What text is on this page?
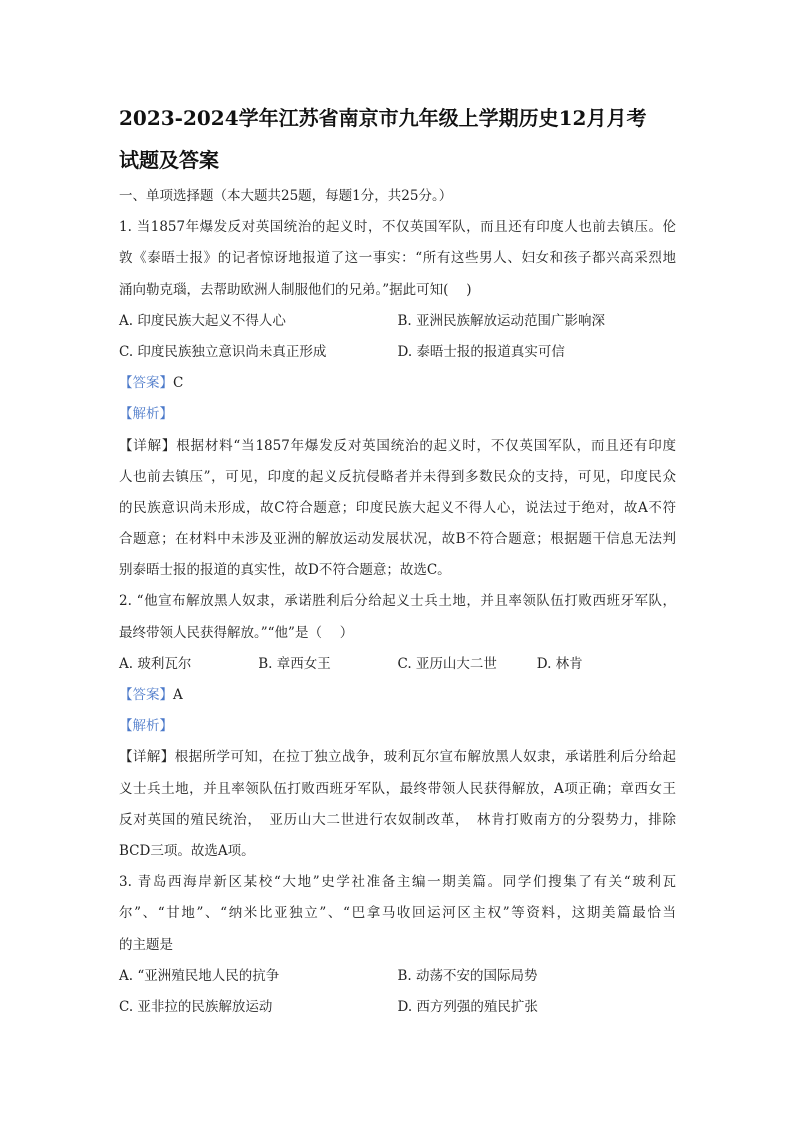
2023-2024学年江苏省南京市九年级上学期历史12月月考
试题及答案
一、单项选择题（本大题共25题，每题1分，共25分。）
1. 当1857年爆发反对英国统治的起义时，不仅英国军队，而且还有印度人也前去镇压。伦
敦《泰晤士报》的记者惊讶地报道了这一事实：“所有这些男人、妇女和孩子都兴高采烈地
涌向勒克瑙，去帮助欧洲人制服他们的兄弟。”据此可知(　 )
A. 印度民族大起义不得人心	B. 亚洲民族解放运动范围广影响深
C. 印度民族独立意识尚未真正形成	D. 泰晤士报的报道真实可信
【答案】C
【解析】
【详解】根据材料“当1857年爆发反对英国统治的起义时，不仅英国军队，而且还有印度
人也前去镇压”，可见，印度的起义反抗侵略者并未得到多数民众的支持，可见，印度民众
的民族意识尚未形成，故C符合题意；印度民族大起义不得人心，说法过于绝对，故A不符
合题意；在材料中未涉及亚洲的解放运动发展状况，故B不符合题意；根据题干信息无法判
别泰晤士报的报道的真实性，故D不符合题意；故选C。
2. “他宣布解放黑人奴隶，承诺胜利后分给起义士兵土地，并且率领队伍打败西班牙军队，
最终带领人民获得解放。”“他”是（　 ）
A. 玻利瓦尔	B. 章西女王	C. 亚历山大二世	D. 林肯
【答案】A
【解析】
【详解】根据所学可知，在拉丁独立战争，玻利瓦尔宣布解放黑人奴隶，承诺胜利后分给起
义士兵土地，并且率领队伍打败西班牙军队，最终带领人民获得解放，A项正确；章西女王
反对英国的殖民统治，　亚历山大二世进行农奴制改革，　林肯打败南方的分裂势力，排除
BCD三项。故选A项。
3. 青岛西海岸新区某校“大地”史学社准备主编一期美篇。同学们搜集了有关“玻利瓦
尔”、“甘地”、“纳米比亚独立”、“巴拿马收回运河区主权”等资料，这期美篇最恰当
的主题是
A. “亚洲殖民地人民的抗争	B. 动荡不安的国际局势
C. 亚非拉的民族解放运动	D. 西方列强的殖民扩张
